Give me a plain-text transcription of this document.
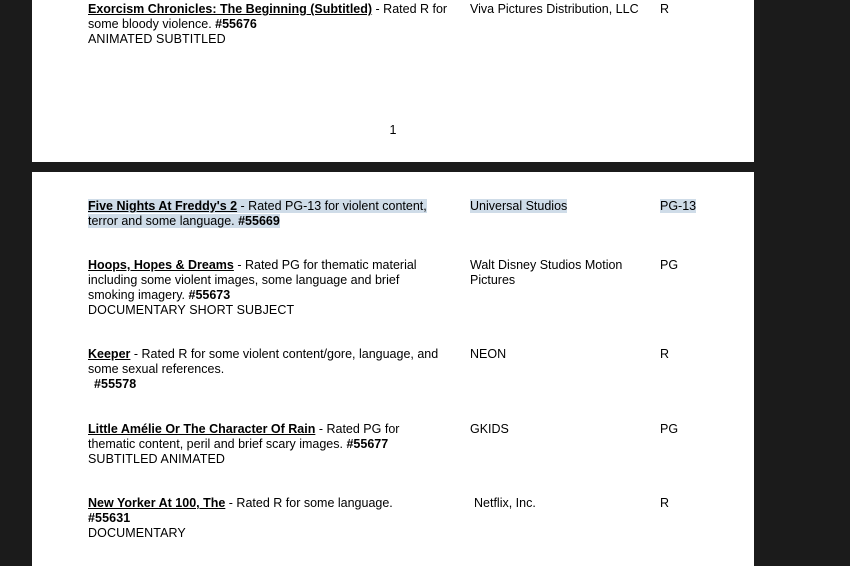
Exorcism Chronicles: The Beginning (Subtitled) - Rated R for some bloody violence. #55676
ANIMATED SUBTITLED
Viva Pictures Distribution, LLC	R
1
Five Nights At Freddy's 2 - Rated PG-13 for violent content, terror and some language. #55669
Universal Studios	PG-13
Hoops, Hopes & Dreams - Rated PG for thematic material including some violent images, some language and brief smoking imagery. #55673
DOCUMENTARY SHORT SUBJECT
Walt Disney Studios Motion Pictures
PG
Keeper - Rated R for some violent content/gore, language, and some sexual references.
#55578
NEON	R
Little Amélie Or The Character Of Rain - Rated PG for thematic content, peril and brief scary images. #55677
SUBTITLED ANIMATED
GKIDS	PG
New Yorker At 100, The - Rated R for some language.
#55631
DOCUMENTARY
Netflix, Inc.	R
